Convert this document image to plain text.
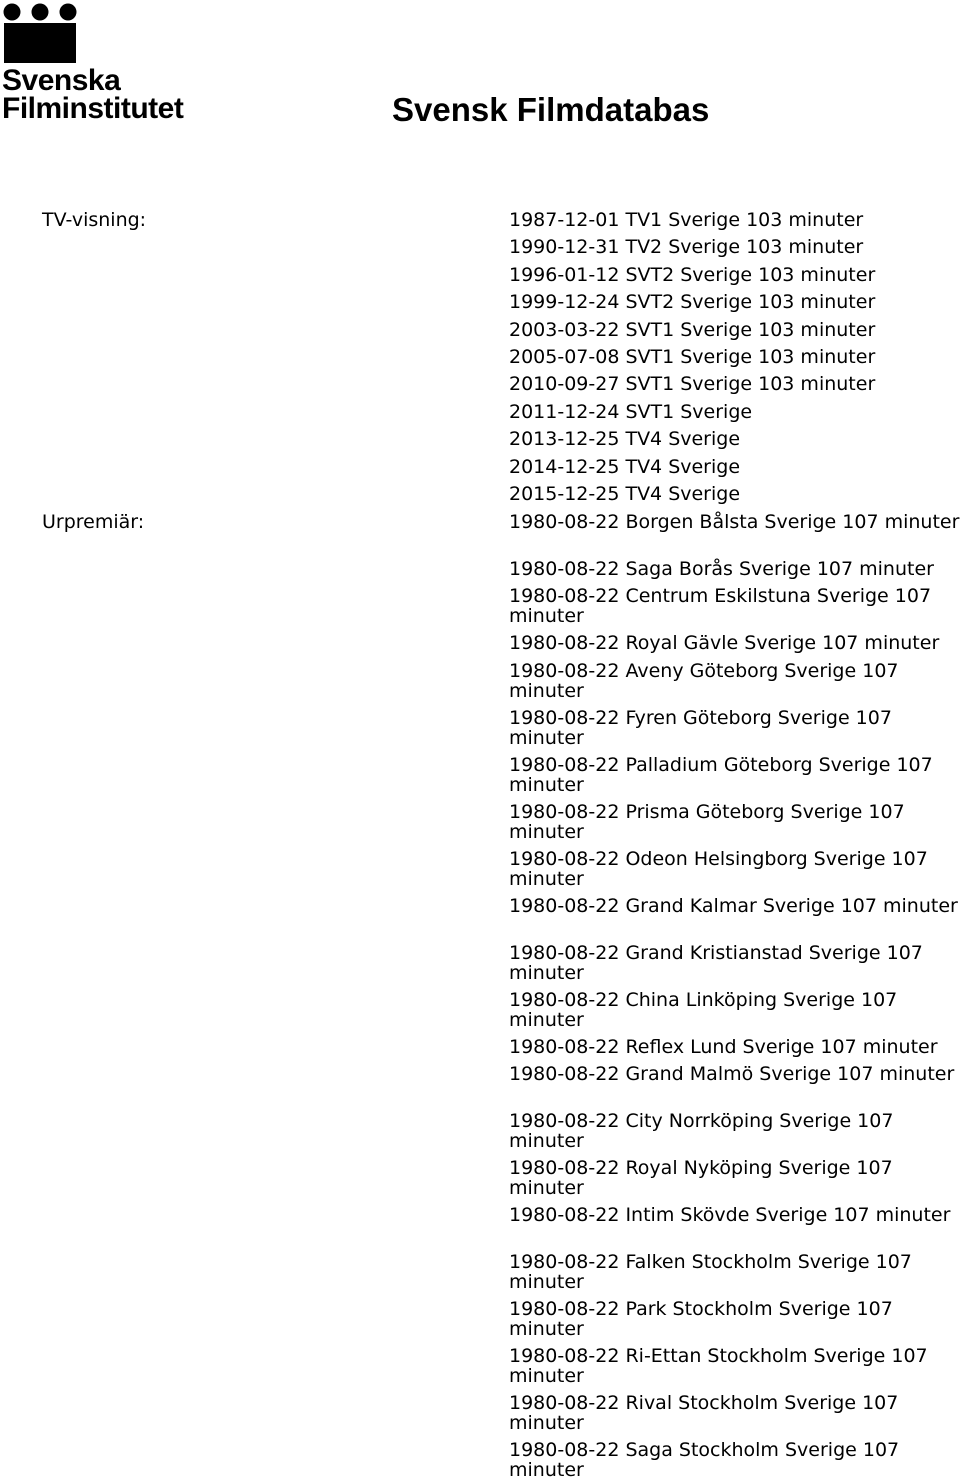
Svenska
Filminstitutet	Svensk Filmdatabas
TV-visning:	1987-12-01 TV1 Sverige 103 minuter
1990-12-31 TV2 Sverige 103 minuter
1996-01-12 SVT2 Sverige 103 minuter
1999-12-24 SVT2 Sverige 103 minuter
2003-03-22 SVT1 Sverige 103 minuter
2005-07-08 SVT1 Sverige 103 minuter
2010-09-27 SVT1 Sverige 103 minuter
2011-12-24 SVT1 Sverige
2013-12-25 TV4 Sverige
2014-12-25 TV4 Sverige
2015-12-25 TV4 Sverige
Urpremiär:	1980-08-22 Borgen Bålsta Sverige 107 minuter
1980-08-22 Saga Borås Sverige 107 minuter
1980-08-22 Centrum Eskilstuna Sverige 107 minuter
1980-08-22 Royal Gävle Sverige 107 minuter
1980-08-22 Aveny Göteborg Sverige 107 minuter
1980-08-22 Fyren Göteborg Sverige 107 minuter
1980-08-22 Palladium Göteborg Sverige 107 minuter
1980-08-22 Prisma Göteborg Sverige 107 minuter
1980-08-22 Odeon Helsingborg Sverige 107 minuter
1980-08-22 Grand Kalmar Sverige 107 minuter
1980-08-22 Grand Kristianstad Sverige 107 minuter
1980-08-22 China Linköping Sverige 107 minuter
1980-08-22 Reflex Lund Sverige 107 minuter
1980-08-22 Grand Malmö Sverige 107 minuter
1980-08-22 City Norrköping Sverige 107 minuter
1980-08-22 Royal Nyköping Sverige 107 minuter
1980-08-22 Intim Skövde Sverige 107 minuter
1980-08-22 Falken Stockholm Sverige 107 minuter
1980-08-22 Park Stockholm Sverige 107 minuter
1980-08-22 Ri-Ettan Stockholm Sverige 107 minuter
1980-08-22 Rival Stockholm Sverige 107 minuter
1980-08-22 Saga Stockholm Sverige 107 minuter
